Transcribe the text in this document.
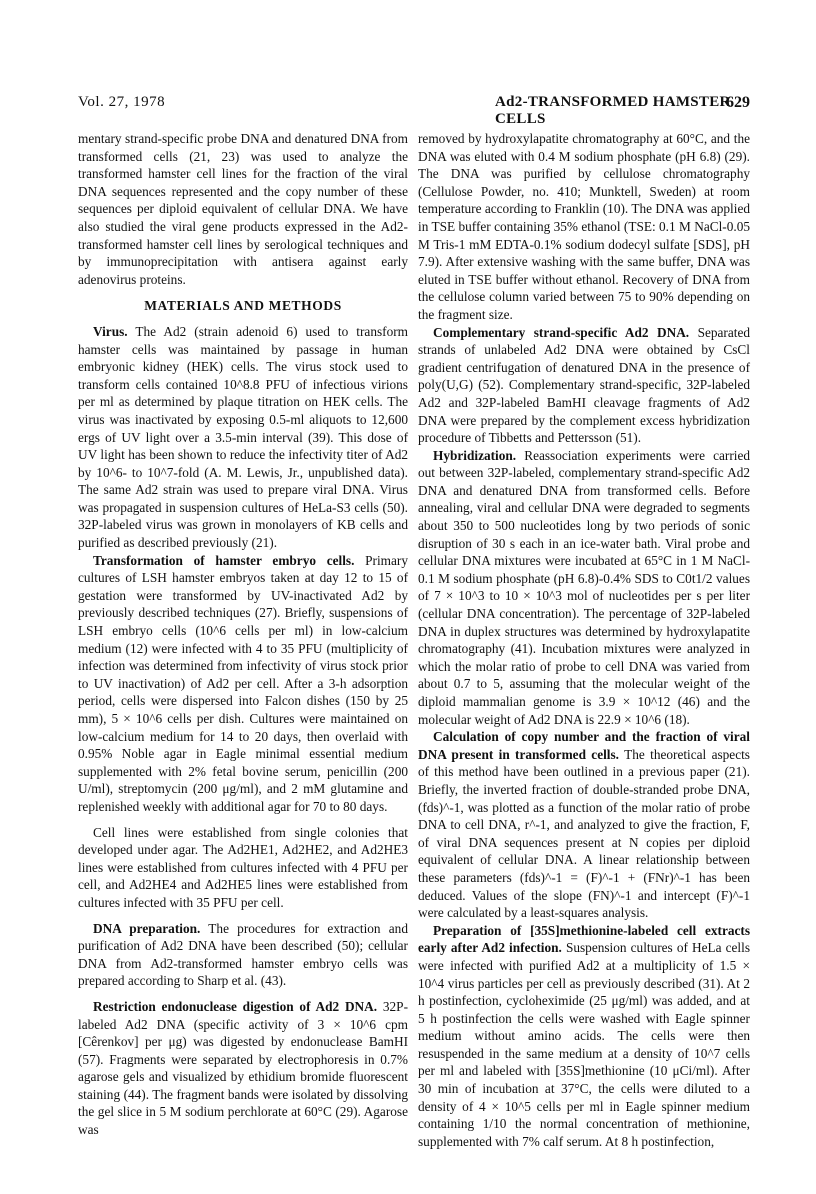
Vol. 27, 1978	Ad2-TRANSFORMED HAMSTER CELLS
629

mentary strand-specific probe DNA and denatured DNA from transformed cells (21, 23) was used to analyze the transformed hamster cell lines for the fraction of the viral DNA sequences represented and the copy number of these sequences per diploid equivalent of cellular DNA. We have also studied the viral gene products expressed in the Ad2-transformed hamster cell lines by serological techniques and by immunoprecipitation with antisera against early adenovirus proteins.

MATERIALS AND METHODS

Virus. The Ad2 (strain adenoid 6) used to transform hamster cells was maintained by passage in human embryonic kidney (HEK) cells. The virus stock used to transform cells contained 10^8.8 PFU of infectious virions per ml as determined by plaque titration on HEK cells. The virus was inactivated by exposing 0.5-ml aliquots to 12,600 ergs of UV light over a 3.5-min interval (39). This dose of UV light has been shown to reduce the infectivity titer of Ad2 by 10^6- to 10^7-fold (A. M. Lewis, Jr., unpublished data). The same Ad2 strain was used to prepare viral DNA. Virus was propagated in suspension cultures of HeLa-S3 cells (50). 32P-labeled virus was grown in monolayers of KB cells and purified as described previously (21).

Transformation of hamster embryo cells. Primary cultures of LSH hamster embryos taken at day 12 to 15 of gestation were transformed by UV-inactivated Ad2 by previously described techniques (27). Briefly, suspensions of LSH embryo cells (10^6 cells per ml) in low-calcium medium (12) were infected with 4 to 35 PFU (multiplicity of infection was determined from infectivity of virus stock prior to UV inactivation) of Ad2 per cell. After a 3-h adsorption period, cells were dispersed into Falcon dishes (150 by 25 mm), 5 × 10^6 cells per dish. Cultures were maintained on low-calcium medium for 14 to 20 days, then overlaid with 0.95% Noble agar in Eagle minimal essential medium supplemented with 2% fetal bovine serum, penicillin (200 U/ml), streptomycin (200 μg/ml), and 2 mM glutamine and replenished weekly with additional agar for 70 to 80 days.

Cell lines were established from single colonies that developed under agar. The Ad2HE1, Ad2HE2, and Ad2HE3 lines were established from cultures infected with 4 PFU per cell, and Ad2HE4 and Ad2HE5 lines were established from cultures infected with 35 PFU per cell.

DNA preparation. The procedures for extraction and purification of Ad2 DNA have been described (50); cellular DNA from Ad2-transformed hamster embryo cells was prepared according to Sharp et al. (43).

Restriction endonuclease digestion of Ad2 DNA. 32P-labeled Ad2 DNA (specific activity of 3 × 10^6 cpm [Cêrenkov] per μg) was digested by endonuclease BamHI (57). Fragments were separated by electrophoresis in 0.7% agarose gels and visualized by ethidium bromide fluorescent staining (44). The fragment bands were isolated by dissolving the gel slice in 5 M sodium perchlorate at 60°C (29). Agarose was

removed by hydroxylapatite chromatography at 60°C, and the DNA was eluted with 0.4 M sodium phosphate (pH 6.8) (29). The DNA was purified by cellulose chromatography (Cellulose Powder, no. 410; Munktell, Sweden) at room temperature according to Franklin (10). The DNA was applied in TSE buffer containing 35% ethanol (TSE: 0.1 M NaCl-0.05 M Tris-1 mM EDTA-0.1% sodium dodecyl sulfate [SDS], pH 7.9). After extensive washing with the same buffer, DNA was eluted in TSE buffer without ethanol. Recovery of DNA from the cellulose column varied between 75 to 90% depending on the fragment size.

Complementary strand-specific Ad2 DNA. Separated strands of unlabeled Ad2 DNA were obtained by CsCl gradient centrifugation of denatured DNA in the presence of poly(U,G) (52). Complementary strand-specific, 32P-labeled Ad2 and 32P-labeled BamHI cleavage fragments of Ad2 DNA were prepared by the complement excess hybridization procedure of Tibbetts and Pettersson (51).

Hybridization. Reassociation experiments were carried out between 32P-labeled, complementary strand-specific Ad2 DNA and denatured DNA from transformed cells. Before annealing, viral and cellular DNA were degraded to segments about 350 to 500 nucleotides long by two periods of sonic disruption of 30 s each in an ice-water bath. Viral probe and cellular DNA mixtures were incubated at 65°C in 1 M NaCl-0.1 M sodium phosphate (pH 6.8)-0.4% SDS to C0t1/2 values of 7 × 10^3 to 10 × 10^3 mol of nucleotides per s per liter (cellular DNA concentration). The percentage of 32P-labeled DNA in duplex structures was determined by hydroxylapatite chromatography (41). Incubation mixtures were analyzed in which the molar ratio of probe to cell DNA was varied from about 0.7 to 5, assuming that the molecular weight of the diploid mammalian genome is 3.9 × 10^12 (46) and the molecular weight of Ad2 DNA is 22.9 × 10^6 (18).

Calculation of copy number and the fraction of viral DNA present in transformed cells. The theoretical aspects of this method have been outlined in a previous paper (21). Briefly, the inverted fraction of double-stranded probe DNA, (fds)^-1, was plotted as a function of the molar ratio of probe DNA to cell DNA, r^-1, and analyzed to give the fraction, F, of viral DNA sequences present at N copies per diploid equivalent of cellular DNA. A linear relationship between these parameters (fds)^-1 = (F)^-1 + (FNr)^-1 has been deduced. Values of the slope (FN)^-1 and intercept (F)^-1 were calculated by a least-squares analysis.

Preparation of [35S]methionine-labeled cell extracts early after Ad2 infection. Suspension cultures of HeLa cells were infected with purified Ad2 at a multiplicity of 1.5 × 10^4 virus particles per cell as previously described (31). At 2 h postinfection, cycloheximide (25 μg/ml) was added, and at 5 h postinfection the cells were washed with Eagle spinner medium without amino acids. The cells were then resuspended in the same medium at a density of 10^7 cells per ml and labeled with [35S]methionine (10 μCi/ml). After 30 min of incubation at 37°C, the cells were diluted to a density of 4 × 10^5 cells per ml in Eagle spinner medium containing 1/10 the normal concentration of methionine, supplemented with 7% calf serum. At 8 h postinfection,
